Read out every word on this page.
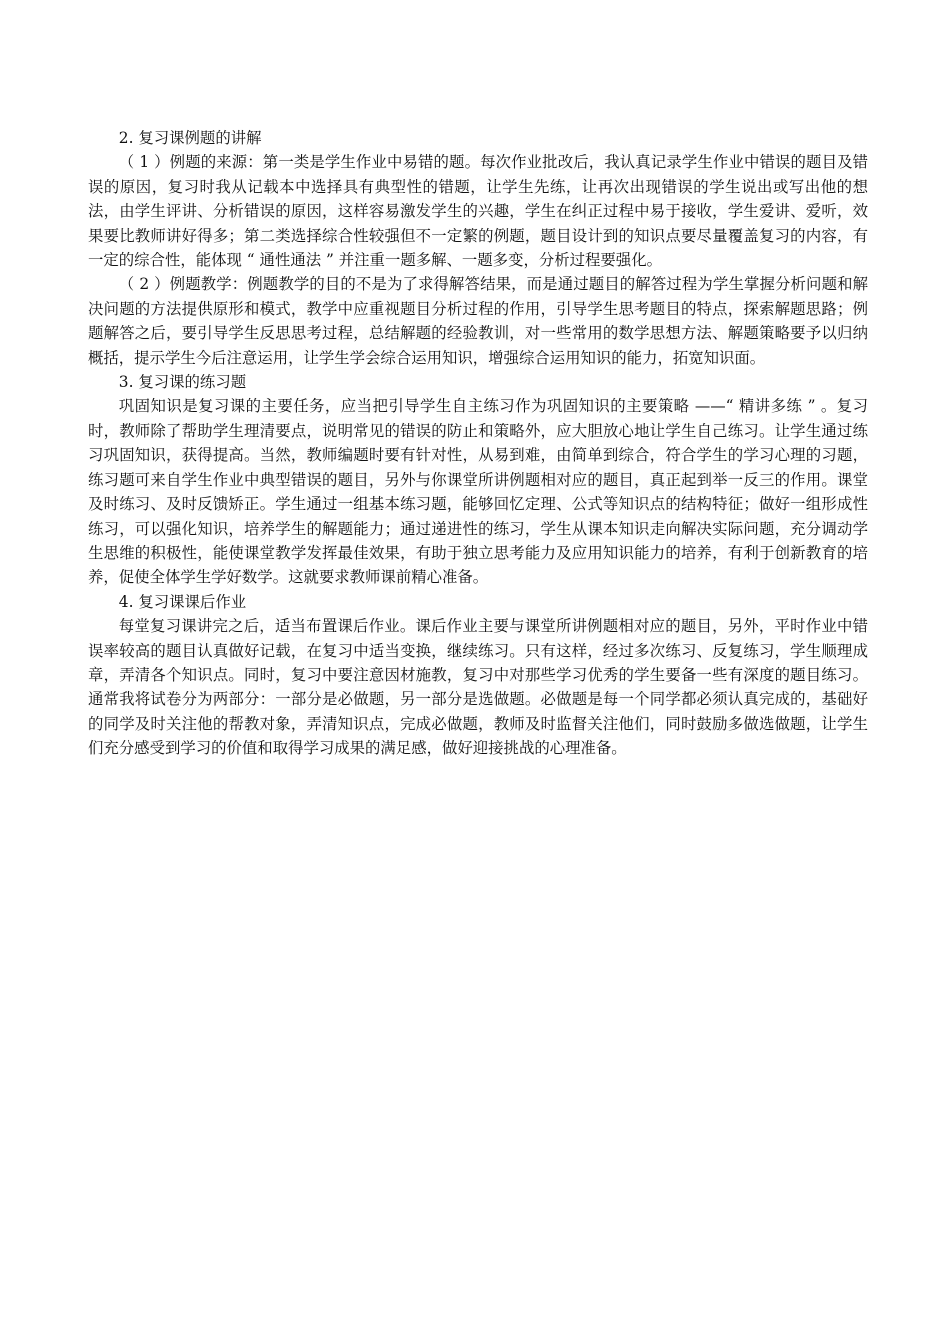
2. 复习课例题的讲解

（ 1 ）例题的来源：第一类是学生作业中易错的题。每次作业批改后，我认真记录学生作业中错误的题目及错误的原因，复习时我从记载本中选择具有典型性的错题，让学生先练，让再次出现错误的学生说出或写出他的想法，由学生评讲、分析错误的原因，这样容易激发学生的兴趣，学生在纠正过程中易于接收，学生爱讲、爱听，效果要比教师讲好得多；第二类选择综合性较强但不一定繁的例题，题目设计到的知识点要尽量覆盖复习的内容，有一定的综合性，能体现 “ 通性通法 ” 并注重一题多解、一题多变，分析过程要强化。

（ 2 ）例题教学：例题教学的目的不是为了求得解答结果，而是通过题目的解答过程为学生掌握分析问题和解决问题的方法提供原形和模式，教学中应重视题目分析过程的作用，引导学生思考题目的特点，探索解题思路；例题解答之后，要引导学生反思思考过程，总结解题的经验教训，对一些常用的数学思想方法、解题策略要予以归纳概括，提示学生今后注意运用，让学生学会综合运用知识，增强综合运用知识的能力，拓宽知识面。

3. 复习课的练习题

巩固知识是复习课的主要任务，应当把引导学生自主练习作为巩固知识的主要策略 ——“ 精讲多练 ” 。复习时，教师除了帮助学生理清要点，说明常见的错误的防止和策略外，应大胆放心地让学生自己练习。让学生通过练习巩固知识，获得提高。当然，教师编题时要有针对性，从易到难，由简单到综合，符合学生的学习心理的习题，练习题可来自学生作业中典型错误的题目，另外与你课堂所讲例题相对应的题目，真正起到举一反三的作用。课堂及时练习、及时反馈矫正。学生通过一组基本练习题，能够回忆定理、公式等知识点的结构特征；做好一组形成性练习，可以强化知识，培养学生的解题能力；通过递进性的练习，学生从课本知识走向解决实际问题，充分调动学生思维的积极性，能使课堂教学发挥最佳效果，有助于独立思考能力及应用知识能力的培养，有利于创新教育的培养，促使全体学生学好数学。这就要求教师课前精心准备。

4. 复习课课后作业

每堂复习课讲完之后，适当布置课后作业。课后作业主要与课堂所讲例题相对应的题目，另外，平时作业中错误率较高的题目认真做好记载，在复习中适当变换，继续练习。只有这样，经过多次练习、反复练习，学生顺理成章，弄清各个知识点。同时，复习中要注意因材施教，复习中对那些学习优秀的学生要备一些有深度的题目练习。通常我将试卷分为两部分：一部分是必做题，另一部分是选做题。必做题是每一个同学都必须认真完成的，基础好的同学及时关注他的帮教对象，弄清知识点，完成必做题，教师及时监督关注他们，同时鼓励多做选做题，让学生们充分感受到学习的价值和取得学习成果的满足感，做好迎接挑战的心理准备。
